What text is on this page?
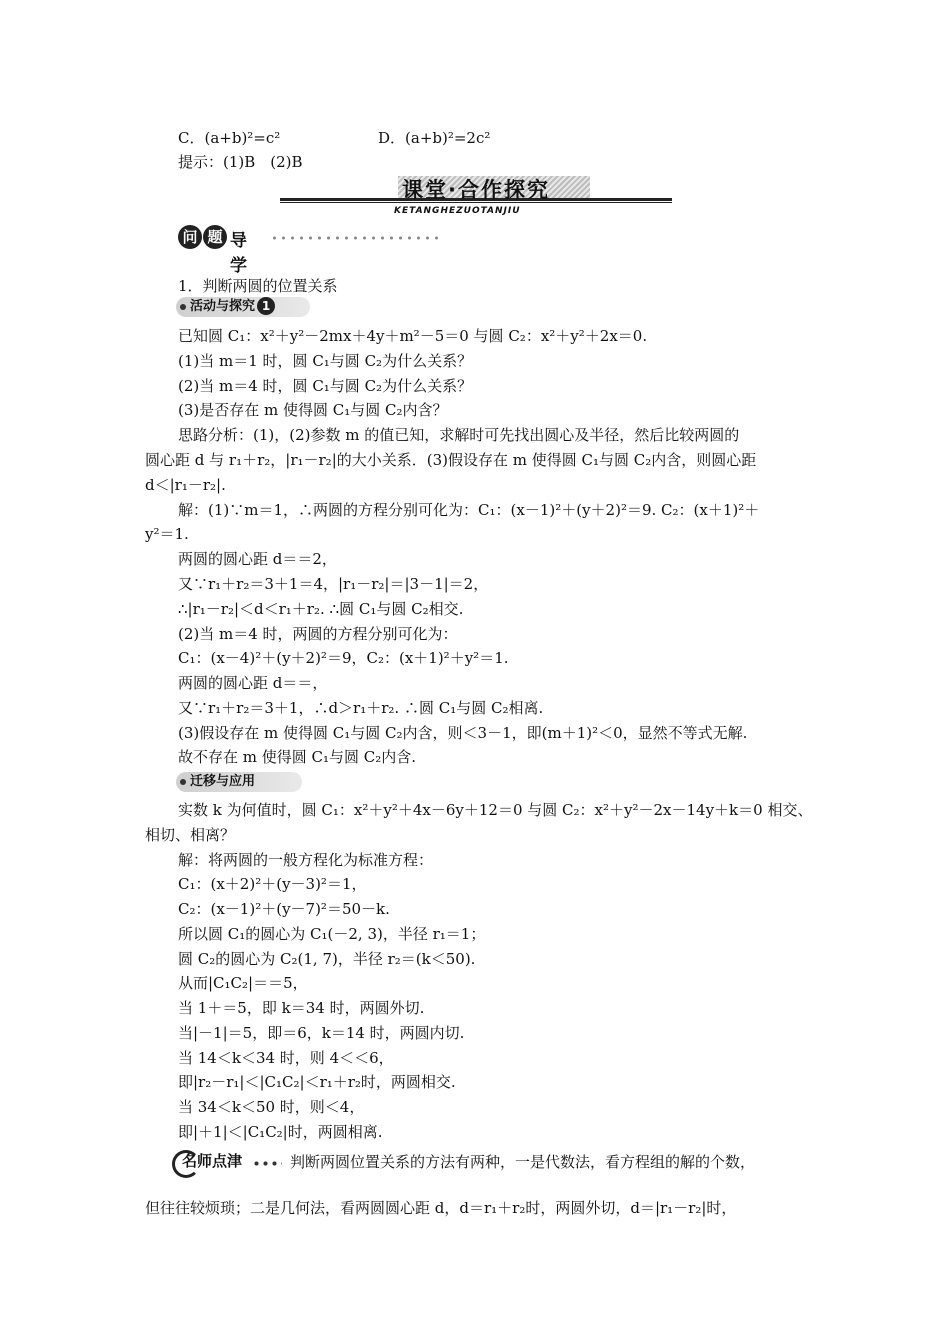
C．(a+b)²=c²	D．(a+b)²=2c²
提示：(1)B　(2)B
课堂·合作探究
KETANGHEZUOTANJIU
问 题 导学
1．判断两圆的位置关系
活动与探究 1
已知圆 C₁：x²＋y²－2mx＋4y＋m²－5＝0 与圆 C₂：x²＋y²＋2x＝0.
(1)当 m＝1 时，圆 C₁与圆 C₂为什么关系？
(2)当 m＝4 时，圆 C₁与圆 C₂为什么关系？
(3)是否存在 m 使得圆 C₁与圆 C₂内含？
思路分析：(1)，(2)参数 m 的值已知，求解时可先找出圆心及半径，然后比较两圆的
圆心距 d 与 r₁＋r₂，|r₁－r₂|的大小关系．(3)假设存在 m 使得圆 C₁与圆 C₂内含，则圆心距
d＜|r₁－r₂|.
解：(1)∵m＝1，∴两圆的方程分别可化为：C₁：(x－1)²＋(y＋2)²＝9. C₂：(x＋1)²＋
y²＝1.
两圆的圆心距 d＝＝2，
又∵r₁＋r₂＝3＋1＝4，|r₁－r₂|＝|3－1|＝2，
∴|r₁－r₂|＜d＜r₁＋r₂. ∴圆 C₁与圆 C₂相交.
(2)当 m＝4 时，两圆的方程分别可化为：
C₁：(x－4)²＋(y＋2)²＝9，C₂：(x＋1)²＋y²＝1.
两圆的圆心距 d＝＝，
又∵r₁＋r₂＝3＋1，∴d＞r₁＋r₂. ∴圆 C₁与圆 C₂相离.
(3)假设存在 m 使得圆 C₁与圆 C₂内含，则＜3－1，即(m＋1)²＜0，显然不等式无解.
故不存在 m 使得圆 C₁与圆 C₂内含.
迁移与应用
实数 k 为何值时，圆 C₁：x²＋y²＋4x－6y＋12＝0 与圆 C₂：x²＋y²－2x－14y＋k＝0 相交、
相切、相离？
解：将两圆的一般方程化为标准方程：
C₁：(x＋2)²＋(y－3)²＝1，
C₂：(x－1)²＋(y－7)²＝50－k.
所以圆 C₁的圆心为 C₁(－2, 3)，半径 r₁＝1；
圆 C₂的圆心为 C₂(1, 7)，半径 r₂＝(k＜50).
从而|C₁C₂|＝＝5，
当 1＋＝5，即 k＝34 时，两圆外切.
当|－1|＝5，即＝6，k＝14 时，两圆内切.
当 14＜k＜34 时，则 4＜＜6，
即|r₂－r₁|＜|C₁C₂|＜r₁＋r₂时，两圆相交.
当 34＜k＜50 时，则＜4，
即|＋1|＜|C₁C₂|时，两圆相离.
名师点津	判断两圆位置关系的方法有两种，一是代数法，看方程组的解的个数，
但往往较烦琐；二是几何法，看两圆圆心距 d，d＝r₁＋r₂时，两圆外切，d＝|r₁－r₂|时，
